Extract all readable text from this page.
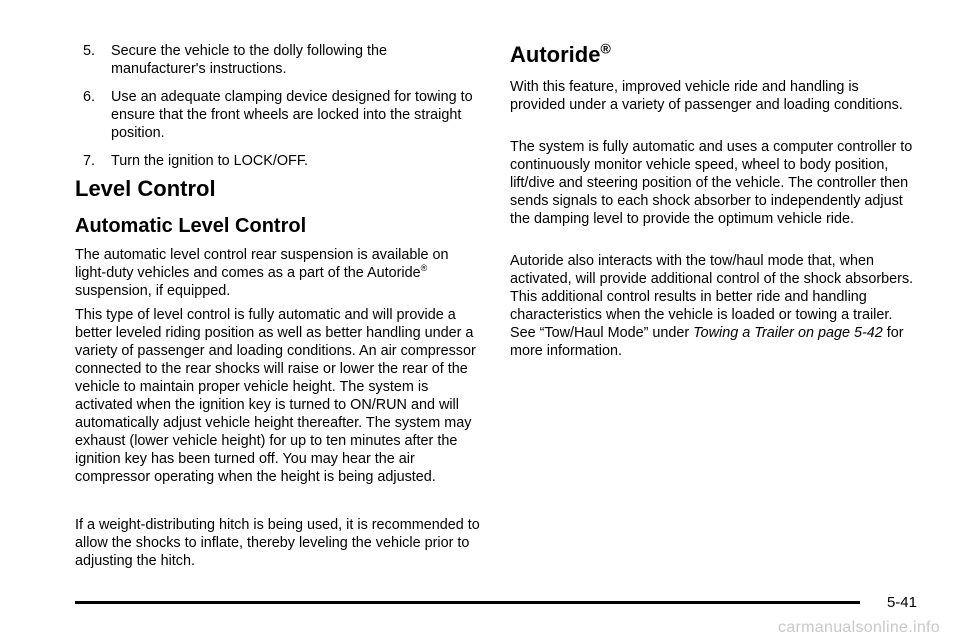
5.	Secure the vehicle to the dolly following the manufacturer's instructions.
6.	Use an adequate clamping device designed for towing to ensure that the front wheels are locked into the straight position.
7.	Turn the ignition to LOCK/OFF.
Level Control
Automatic Level Control

The automatic level control rear suspension is available on light-duty vehicles and comes as a part of the Autoride® suspension, if equipped.

This type of level control is fully automatic and will provide a better leveled riding position as well as better handling under a variety of passenger and loading conditions. An air compressor connected to the rear shocks will raise or lower the rear of the vehicle to maintain proper vehicle height. The system is activated when the ignition key is turned to ON/RUN and will automatically adjust vehicle height thereafter. The system may exhaust (lower vehicle height) for up to ten minutes after the ignition key has been turned off. You may hear the air compressor operating when the height is being adjusted.

If a weight-distributing hitch is being used, it is recommended to allow the shocks to inflate, thereby leveling the vehicle prior to adjusting the hitch.

Autoride®

With this feature, improved vehicle ride and handling is provided under a variety of passenger and loading conditions.

The system is fully automatic and uses a computer controller to continuously monitor vehicle speed, wheel to body position, lift/dive and steering position of the vehicle. The controller then sends signals to each shock absorber to independently adjust the damping level to provide the optimum vehicle ride.

Autoride also interacts with the tow/haul mode that, when activated, will provide additional control of the shock absorbers. This additional control results in better ride and handling characteristics when the vehicle is loaded or towing a trailer. See “Tow/Haul Mode” under Towing a Trailer on page 5‑42 for more information.

5-41
carmanualsonline.info
